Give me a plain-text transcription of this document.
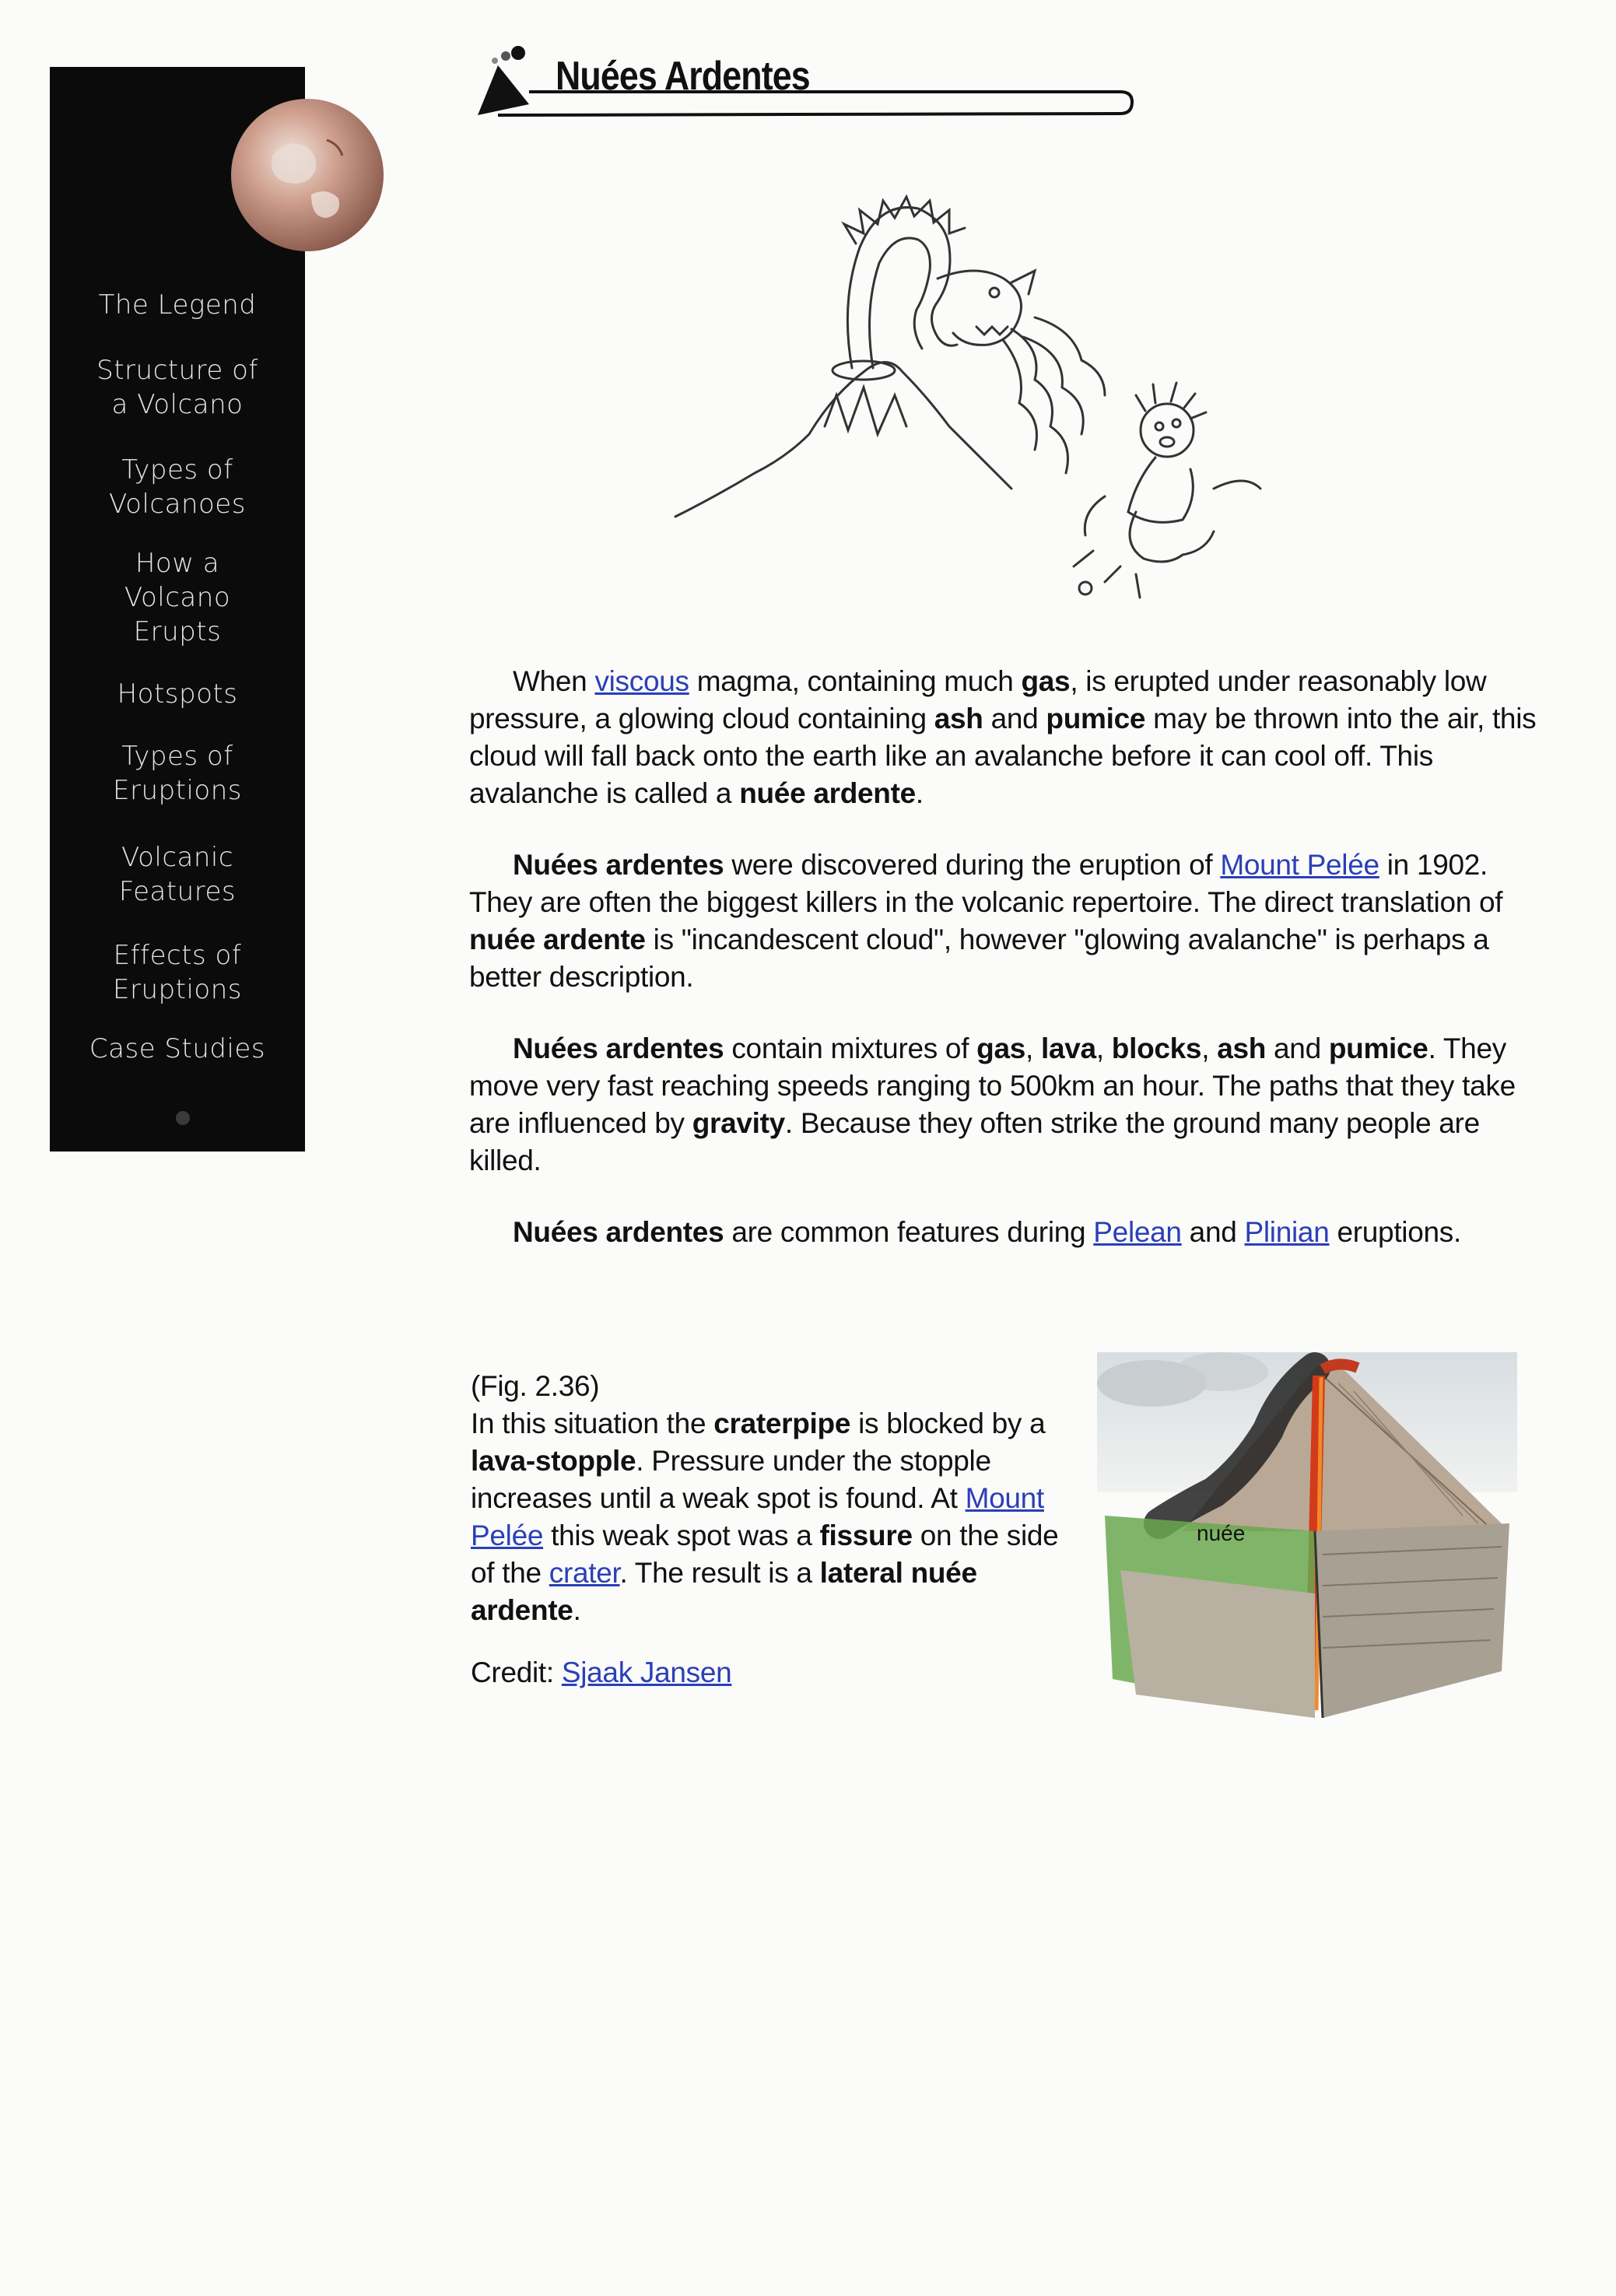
The Legend
Structure of
a Volcano
Types of
Volcanoes
How a
Volcano
Erupts
Hotspots
Types of
Eruptions
Volcanic
Features
Effects of
Eruptions
Case Studies
Nuées Ardentes

When viscous magma, containing much gas, is erupted under reasonably low pressure, a glowing cloud containing ash and pumice may be thrown into the air, this cloud will fall back onto the earth like an avalanche before it can cool off. This avalanche is called a nuée ardente.

Nuées ardentes were discovered during the eruption of Mount Pelée in 1902. They are often the biggest killers in the volcanic repertoire. The direct translation of nuée ardente is "incandescent cloud", however "glowing avalanche" is perhaps a better description.

Nuées ardentes contain mixtures of gas, lava, blocks, ash and pumice. They move very fast reaching speeds ranging to 500km an hour. The paths that they take are influenced by gravity. Because they often strike the ground many people are killed.

Nuées ardentes are common features during Pelean and Plinian eruptions.

(Fig. 2.36)

In this situation the craterpipe is blocked by a lava-stopple. Pressure under the stopple increases until a weak spot is found. At Mount Pelée this weak spot was a fissure on the side of the crater. The result is a lateral nuée ardente.

Credit: Sjaak Jansen

nuée
